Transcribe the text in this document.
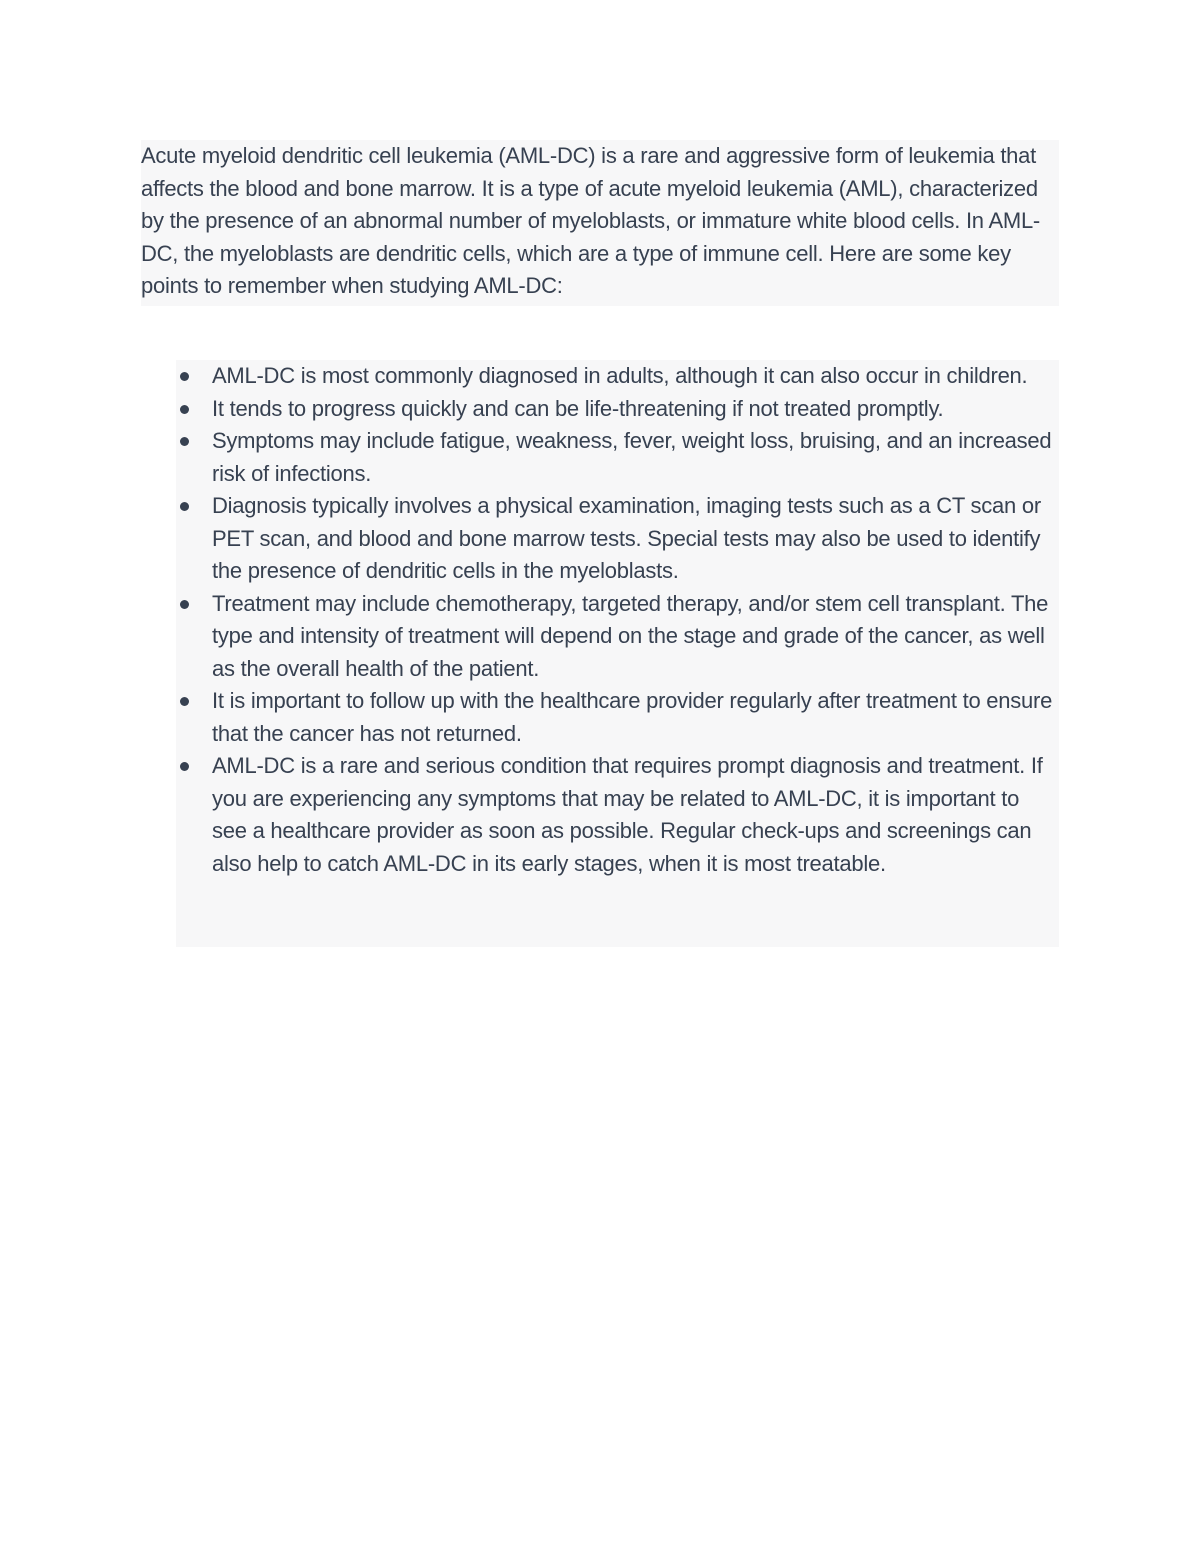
Acute myeloid dendritic cell leukemia (AML-DC) is a rare and aggressive form of leukemia that affects the blood and bone marrow. It is a type of acute myeloid leukemia (AML), characterized by the presence of an abnormal number of myeloblasts, or immature white blood cells. In AML-DC, the myeloblasts are dendritic cells, which are a type of immune cell. Here are some key points to remember when studying AML-DC:

AML-DC is most commonly diagnosed in adults, although it can also occur in children.
It tends to progress quickly and can be life-threatening if not treated promptly.
Symptoms may include fatigue, weakness, fever, weight loss, bruising, and an increased risk of infections.
Diagnosis typically involves a physical examination, imaging tests such as a CT scan or PET scan, and blood and bone marrow tests. Special tests may also be used to identify the presence of dendritic cells in the myeloblasts.
Treatment may include chemotherapy, targeted therapy, and/or stem cell transplant. The type and intensity of treatment will depend on the stage and grade of the cancer, as well as the overall health of the patient.
It is important to follow up with the healthcare provider regularly after treatment to ensure that the cancer has not returned.
AML-DC is a rare and serious condition that requires prompt diagnosis and treatment. If you are experiencing any symptoms that may be related to AML-DC, it is important to see a healthcare provider as soon as possible. Regular check-ups and screenings can also help to catch AML-DC in its early stages, when it is most treatable.
